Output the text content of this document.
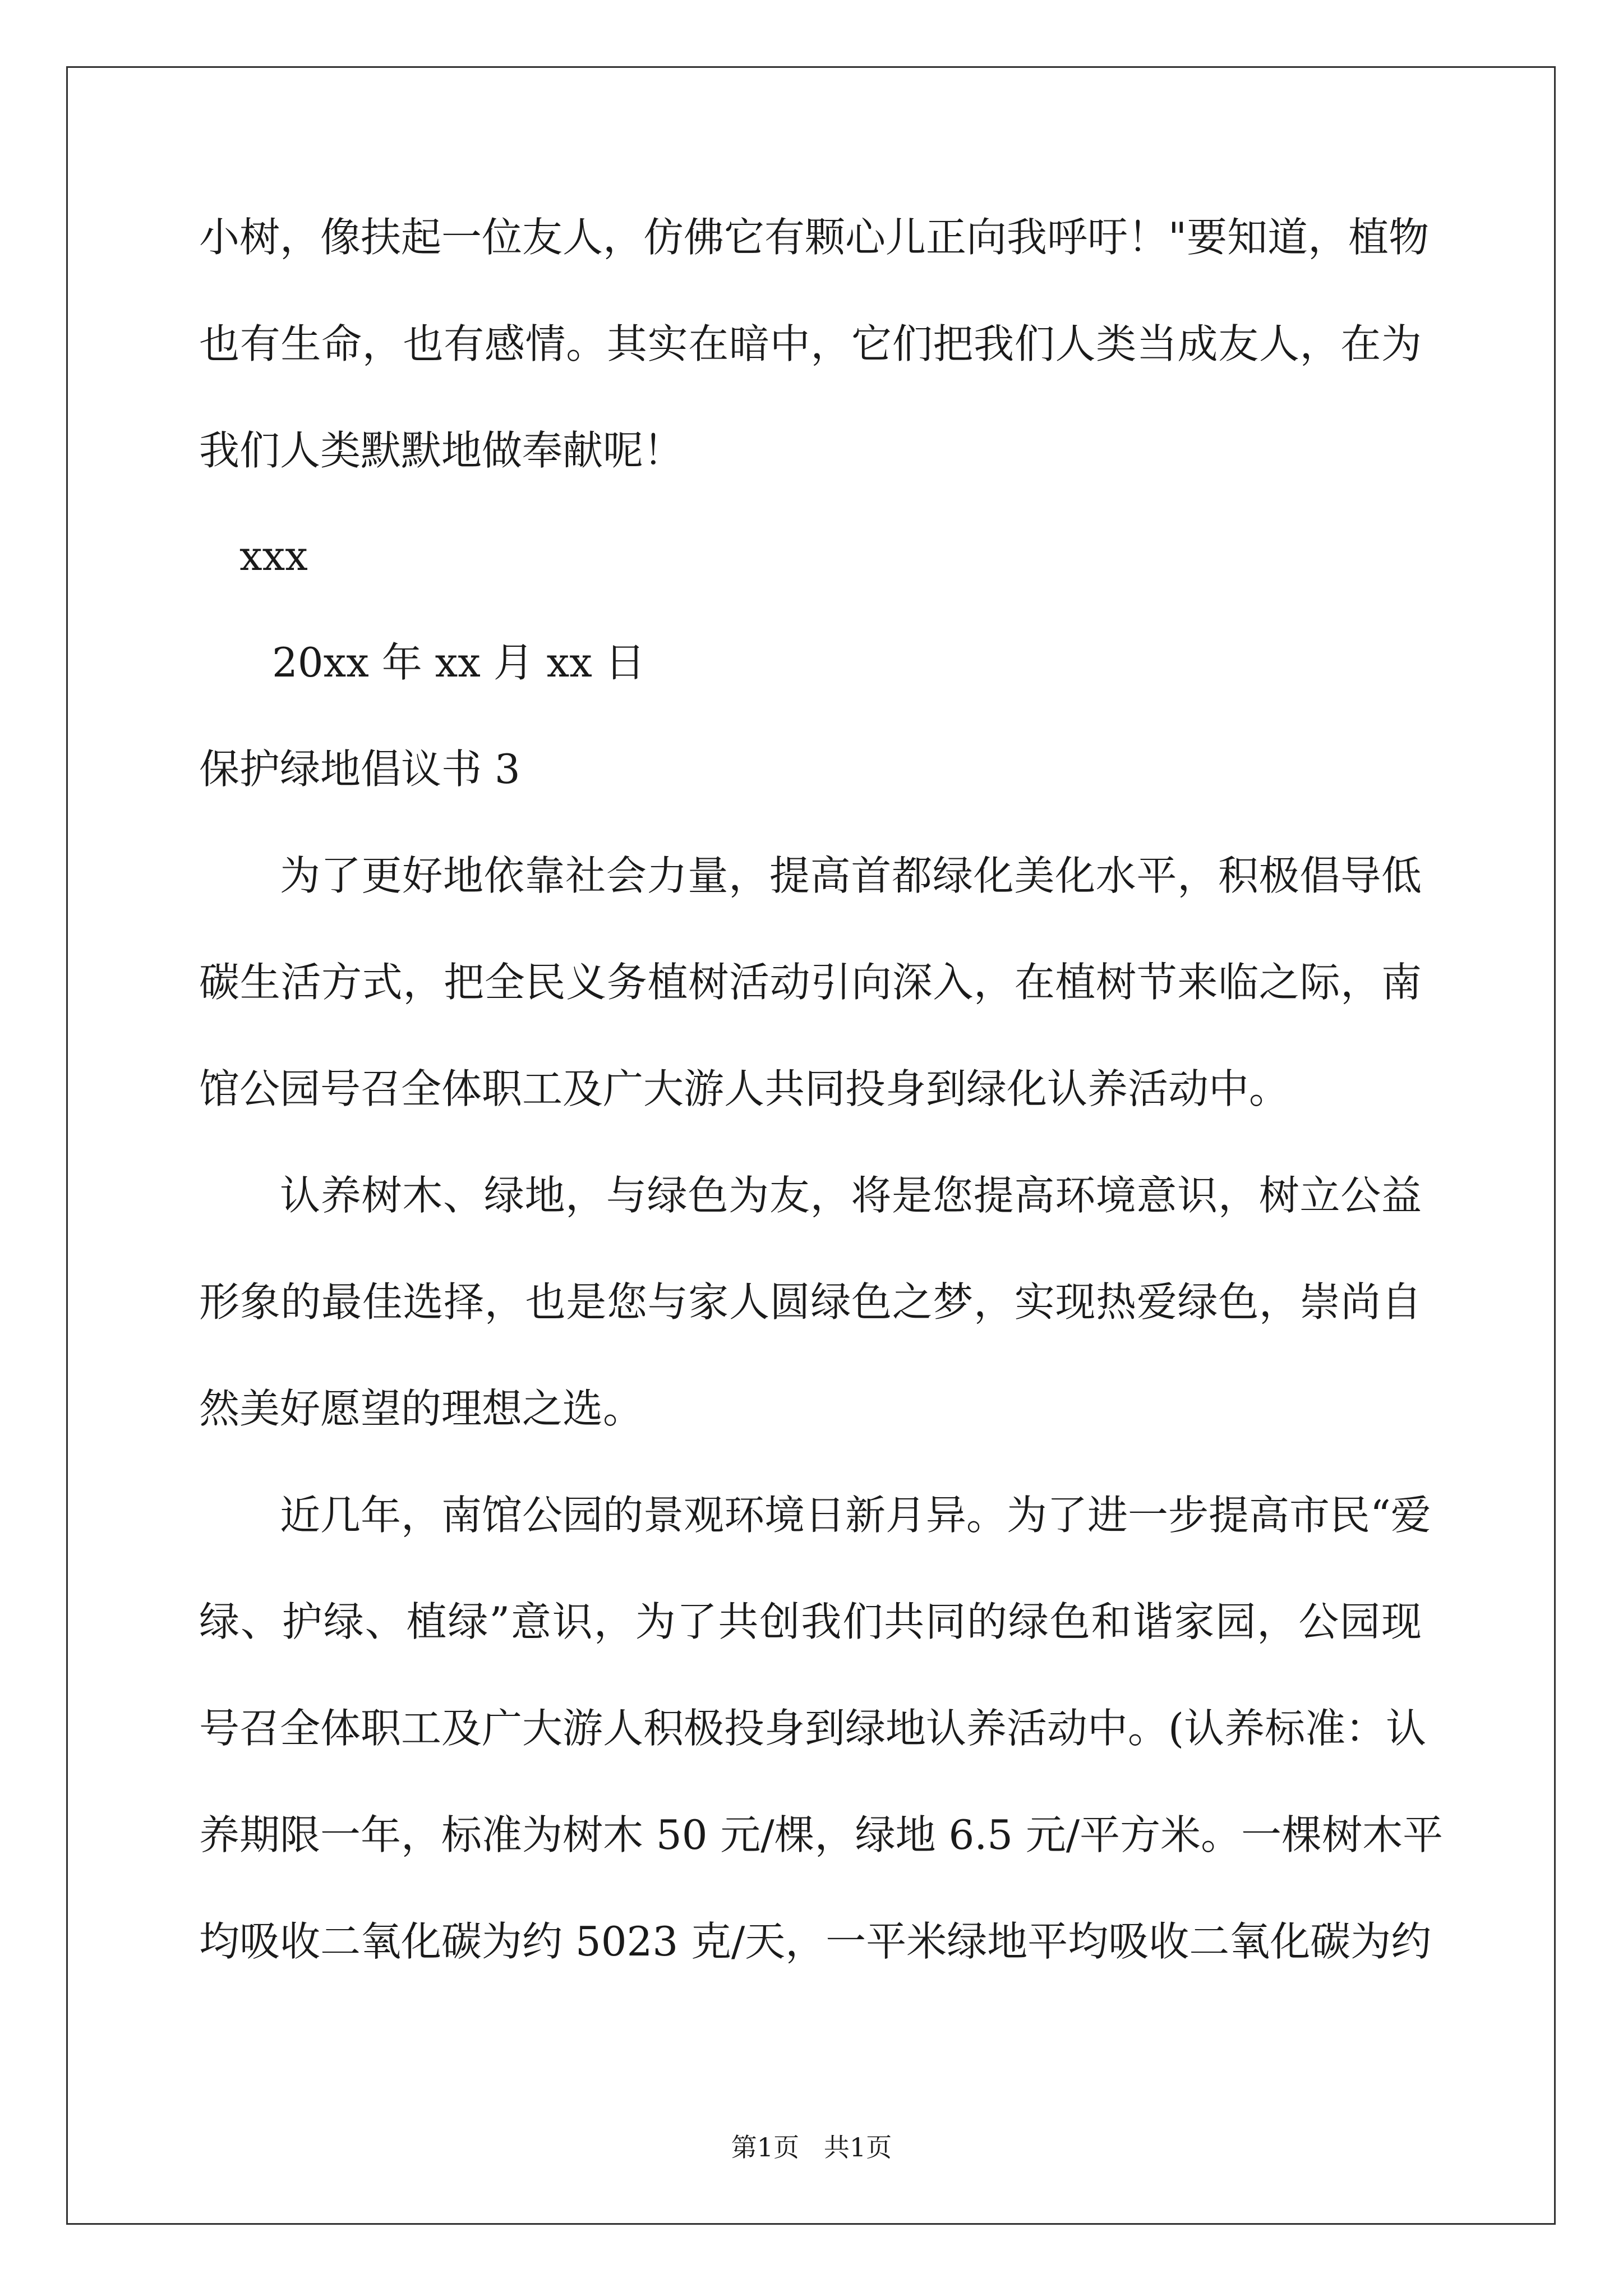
小树，像扶起一位友人，仿佛它有颗心儿正向我呼吁！"要知道，植物
也有生命，也有感情。其实在暗中，它们把我们人类当成友人，在为
我们人类默默地做奉献呢！
xxx
20xx 年 xx 月 xx 日
保护绿地倡议书 3
为了更好地依靠社会力量，提高首都绿化美化水平，积极倡导低
碳生活方式，把全民义务植树活动引向深入，在植树节来临之际，南
馆公园号召全体职工及广大游人共同投身到绿化认养活动中。
认养树木、绿地，与绿色为友，将是您提高环境意识，树立公益
形象的最佳选择，也是您与家人圆绿色之梦，实现热爱绿色，崇尚自
然美好愿望的理想之选。
近几年，南馆公园的景观环境日新月异。为了进一步提高市民“爱
绿、护绿、植绿”意识，为了共创我们共同的绿色和谐家园，公园现
号召全体职工及广大游人积极投身到绿地认养活动中。(认养标准：认
养期限一年，标准为树木 50 元/棵，绿地 6.5 元/平方米。一棵树木平
均吸收二氧化碳为约 5023 克/天，一平米绿地平均吸收二氧化碳为约
第1页   共1页
